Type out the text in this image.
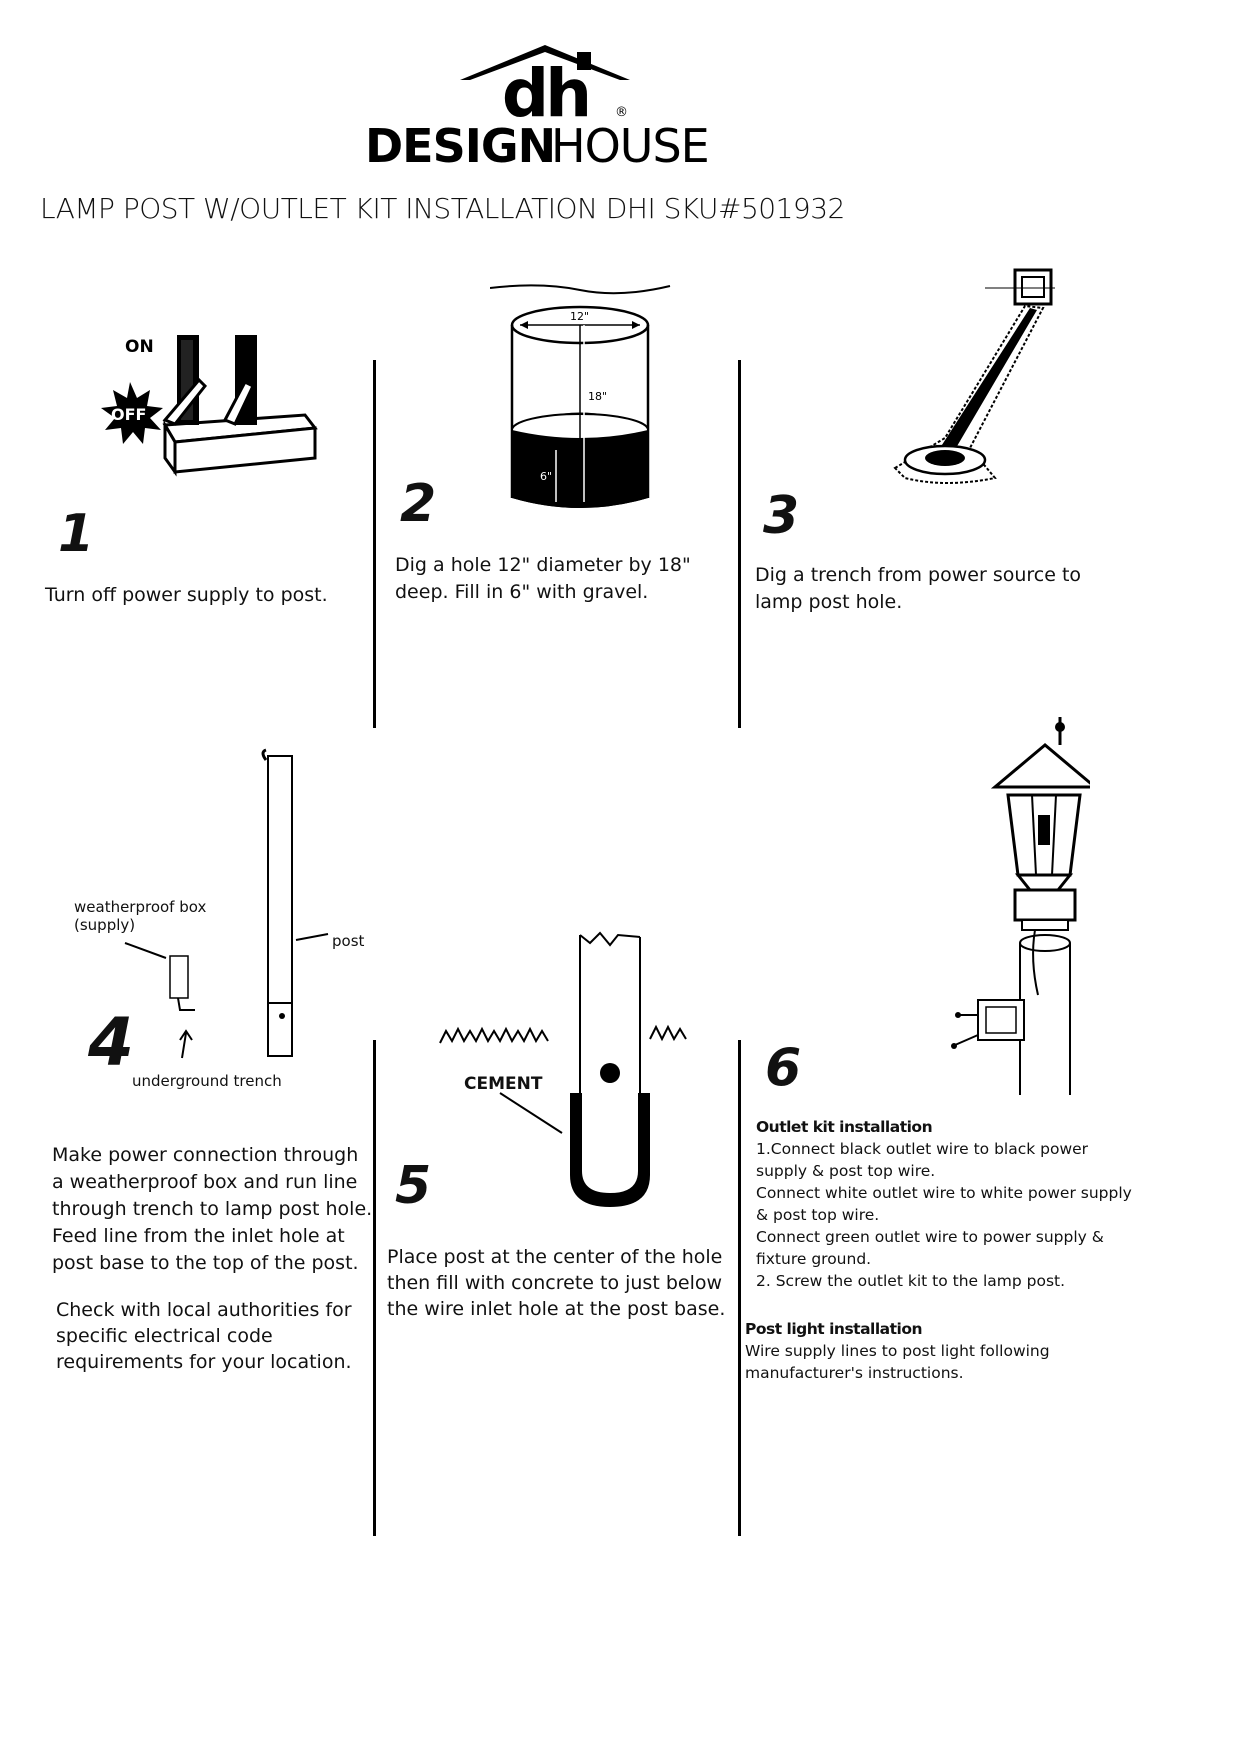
dh ®
DESIGN
HOUSE
LAMP POST W/OUTLET KIT INSTALLATION DHI SKU#501932
ON
OFF
1
Turn off power supply to post.
12"
18"
6"
2
Dig a hole 12" diameter by 18"
deep. Fill in 6" with gravel.
3
Dig a trench from power source to
lamp post hole.
weatherproof box
(supply)
post
underground trench
4
Make power connection through
a weatherproof box and run line
through trench to lamp post hole.
Feed line from the inlet hole at
post base to the top of the post.
Check with local authorities for
specific electrical code
requirements for your location.
CEMENT
5
Place post at the center of the hole
then fill with concrete to just below
the wire inlet hole at the post base.
6
Outlet kit installation
1.Connect black outlet wire to black power
supply & post top wire.
Connect white outlet wire to white power supply
& post top wire.
Connect green outlet wire to power supply &
fixture ground.
2. Screw the outlet kit to the lamp post.
Post light installation
Wire supply lines to post light following
manufacturer's instructions.
